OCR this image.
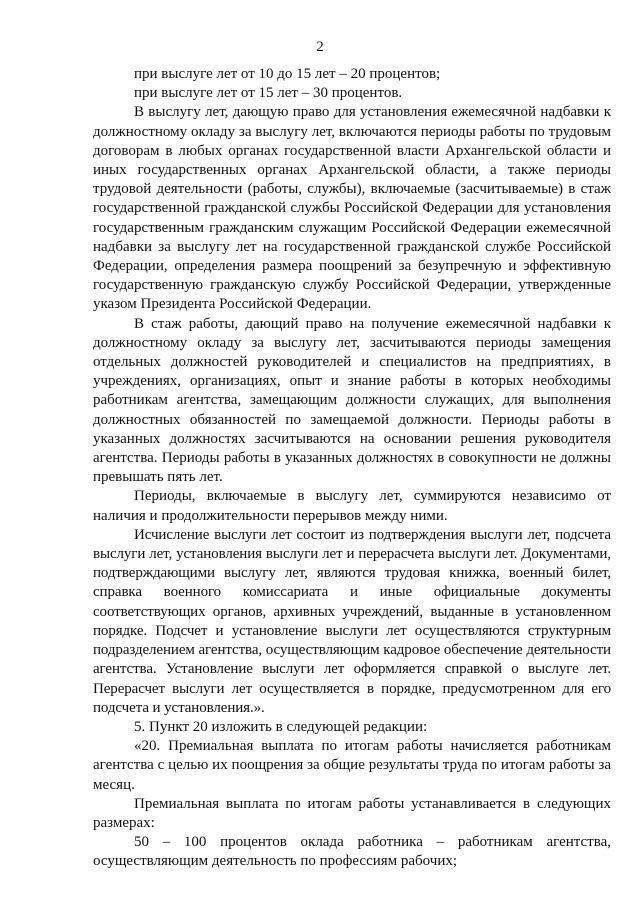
2

при выслуге лет от 10 до 15 лет – 20 процентов;

при выслуге лет от 15 лет – 30 процентов.

В выслугу лет, дающую право для установления ежемесячной надбавки к должностному окладу за выслугу лет, включаются периоды работы по трудовым договорам в любых органах государственной власти Архангельской области и иных государственных органах Архангельской области, а также периоды трудовой деятельности (работы, службы), включаемые (засчитываемые) в стаж государственной гражданской службы Российской Федерации для установления государственным гражданским служащим Российской Федерации ежемесячной надбавки за выслугу лет на государственной гражданской службе Российской Федерации, определения размера поощрений за безупречную и эффективную государственную гражданскую службу Российской Федерации, утвержденные указом Президента Российской Федерации.

В стаж работы, дающий право на получение ежемесячной надбавки к должностному окладу за выслугу лет, засчитываются периоды замещения отдельных должностей руководителей и специалистов на предприятиях, в учреждениях, организациях, опыт и знание работы в которых необходимы работникам агентства, замещающим должности служащих, для выполнения должностных обязанностей по замещаемой должности. Периоды работы в указанных должностях засчитываются на основании решения руководителя агентства. Периоды работы в указанных должностях в совокупности не должны превышать пять лет.

Периоды, включаемые в выслугу лет, суммируются независимо от наличия и продолжительности перерывов между ними.

Исчисление выслуги лет состоит из подтверждения выслуги лет, подсчета выслуги лет, установления выслуги лет и перерасчета выслуги лет. Документами, подтверждающими выслугу лет, являются трудовая книжка, военный билет, справка военного комиссариата и иные официальные документы соответствующих органов, архивных учреждений, выданные в установленном порядке. Подсчет и установление выслуги лет осуществляются структурным подразделением агентства, осуществляющим кадровое обеспечение деятельности агентства. Установление выслуги лет оформляется справкой о выслуге лет. Перерасчет выслуги лет осуществляется в порядке, предусмотренном для его подсчета и установления.».

5. Пункт 20 изложить в следующей редакции:

«20. Премиальная выплата по итогам работы начисляется работникам агентства с целью их поощрения за общие результаты труда по итогам работы за месяц.

Премиальная выплата по итогам работы устанавливается в следующих размерах:

50 – 100 процентов оклада работника – работникам агентства, осуществляющим деятельность по профессиям рабочих;
